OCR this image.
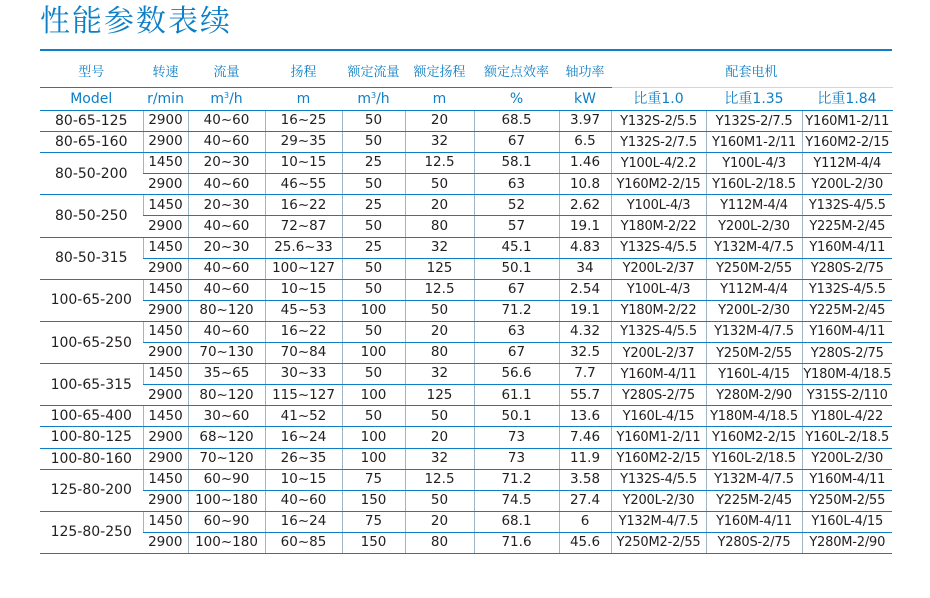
性能参数表续
型号	转速	流量	扬程	额定流量	额定扬程	额定点效率	轴功率	配套电机		
Model	r/min	$m^3/h$	m	$m^3/h$	m	%	kW	比重1.0	比重1.35	比重1.84
80-65-125	2900	40~60	16~25	50	20	68.5	3.97	Y132S-2/5.5	Y132S-2/7.5	Y160M1-2/11
80-65-160	2900	40~60	29~35	50	32	67	6.5	Y132S-2/7.5	Y160M1-2/11	Y160M2-2/15
80-50-200	1450	20~30	10~15	25	12.5	58.1	1.46	Y100L-4/2.2	Y100L-4/3	Y112M-4/4
	2900	40~60	46~55	50	50	63	10.8	Y160M2-2/15	Y160L-2/18.5	Y200L-2/30
80-50-250	1450	20~30	16~22	25	20	52	2.62	Y100L-4/3	Y112M-4/4	Y132S-4/5.5
	2900	40~60	72~87	50	80	57	19.1	Y180M-2/22	Y200L-2/30	Y225M-2/45
80-50-315	1450	20~30	25.6~33	25	32	45.1	4.83	Y132S-4/5.5	Y132M-4/7.5	Y160M-4/11
	2900	40~60	100~127	50	125	50.1	34	Y200L-2/37	Y250M-2/55	Y280S-2/75
100-65-200	1450	40~60	10~15	50	12.5	67	2.54	Y100L-4/3	Y112M-4/4	Y132S-4/5.5
	2900	80~120	45~53	100	50	71.2	19.1	Y180M-2/22	Y200L-2/30	Y225M-2/45
100-65-250	1450	40~60	16~22	50	20	63	4.32	Y132S-4/5.5	Y132M-4/7.5	Y160M-4/11
	2900	70~130	70~84	100	80	67	32.5	Y200L-2/37	Y250M-2/55	Y280S-2/75
100-65-315	1450	35~65	30~33	50	32	56.6	7.7	Y160M-4/11	Y160L-4/15	Y180M-4/18.5
	2900	80~120	115~127	100	125	61.1	55.7	Y280S-2/75	Y280M-2/90	Y315S-2/110
100-65-400	1450	30~60	41~52	50	50	50.1	13.6	Y160L-4/15	Y180M-4/18.5	Y180L-4/22
100-80-125	2900	68~120	16~24	100	20	73	7.46	Y160M1-2/11	Y160M2-2/15	Y160L-2/18.5
100-80-160	2900	70~120	26~35	100	32	73	11.9	Y160M2-2/15	Y160L-2/18.5	Y200L-2/30
125-80-200	1450	60~90	10~15	75	12.5	71.2	3.58	Y132S-4/5.5	Y132M-4/7.5	Y160M-4/11
	2900	100~180	40~60	150	50	74.5	27.4	Y200L-2/30	Y225M-2/45	Y250M-2/55
125-80-250	1450	60~90	16~24	75	20	68.1	6	Y132M-4/7.5	Y160M-4/11	Y160L-4/15
	2900	100~180	60~85	150	80	71.6	45.6	Y250M2-2/55	Y280S-2/75	Y280M-2/90
